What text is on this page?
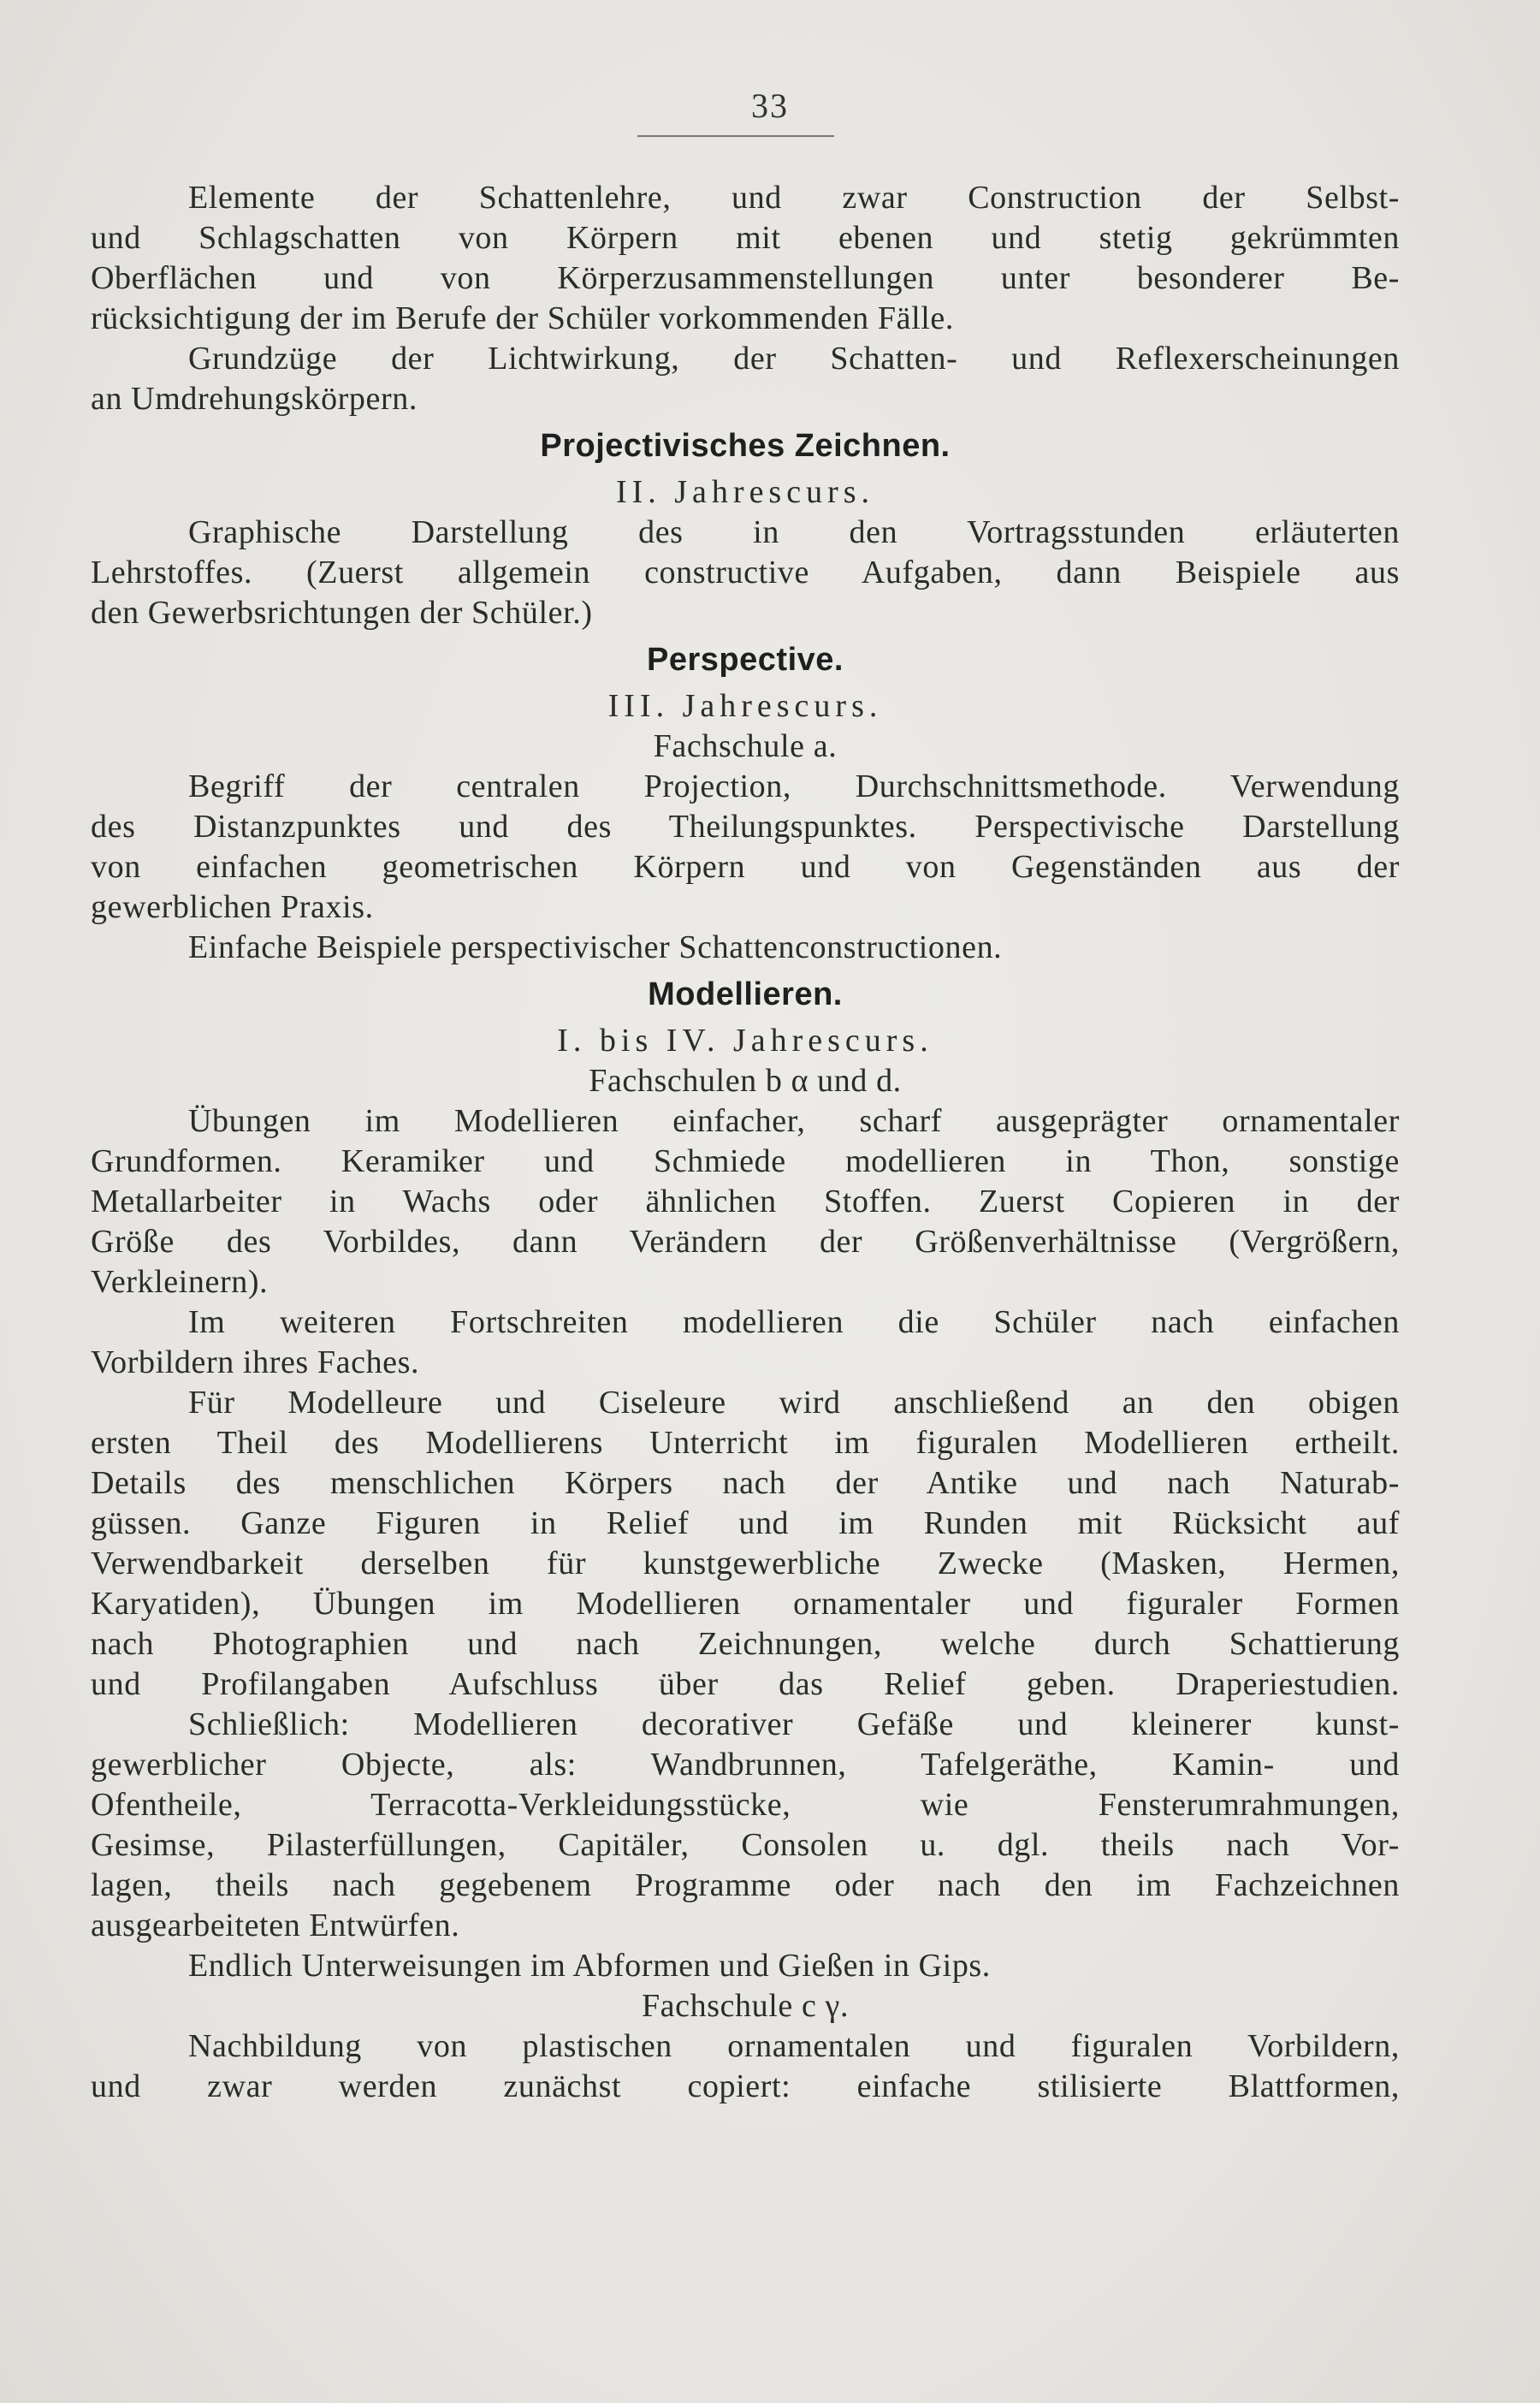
33
Elemente der Schattenlehre, und zwar Construction der Selbst-
und Schlagschatten von Körpern mit ebenen und stetig gekrümmten
Oberflächen und von Körperzusammenstellungen unter besonderer Be-
rücksichtigung der im Berufe der Schüler vorkommenden Fälle.
Grundzüge der Lichtwirkung, der Schatten- und Reflexerscheinungen
an Umdrehungskörpern.
Projectivisches Zeichnen.
II. Jahrescurs.
Graphische Darstellung des in den Vortragsstunden erläuterten
Lehrstoffes. (Zuerst allgemein constructive Aufgaben, dann Beispiele aus
den Gewerbsrichtungen der Schüler.)
Perspective.
III. Jahrescurs.
Fachschule a.
Begriff der centralen Projection, Durchschnittsmethode. Verwendung
des Distanzpunktes und des Theilungspunktes. Perspectivische Darstellung
von einfachen geometrischen Körpern und von Gegenständen aus der
gewerblichen Praxis.
Einfache Beispiele perspectivischer Schattenconstructionen.
Modellieren.
I. bis IV. Jahrescurs.
Fachschulen b α und d.
Übungen im Modellieren einfacher, scharf ausgeprägter ornamentaler
Grundformen. Keramiker und Schmiede modellieren in Thon, sonstige
Metallarbeiter in Wachs oder ähnlichen Stoffen. Zuerst Copieren in der
Größe des Vorbildes, dann Verändern der Größenverhältnisse (Vergrößern,
Verkleinern).
Im weiteren Fortschreiten modellieren die Schüler nach einfachen
Vorbildern ihres Faches.
Für Modelleure und Ciseleure wird anschließend an den obigen
ersten Theil des Modellierens Unterricht im figuralen Modellieren ertheilt.
Details des menschlichen Körpers nach der Antike und nach Naturab-
güssen. Ganze Figuren in Relief und im Runden mit Rücksicht auf
Verwendbarkeit derselben für kunstgewerbliche Zwecke (Masken, Hermen,
Karyatiden), Übungen im Modellieren ornamentaler und figuraler Formen
nach Photographien und nach Zeichnungen, welche durch Schattierung
und Profilangaben Aufschluss über das Relief geben. Draperiestudien.
Schließlich: Modellieren decorativer Gefäße und kleinerer kunst-
gewerblicher Objecte, als: Wandbrunnen, Tafelgeräthe, Kamin- und
Ofentheile, Terracotta-Verkleidungsstücke, wie Fensterumrahmungen,
Gesimse, Pilasterfüllungen, Capitäler, Consolen u. dgl. theils nach Vor-
lagen, theils nach gegebenem Programme oder nach den im Fachzeichnen
ausgearbeiteten Entwürfen.
Endlich Unterweisungen im Abformen und Gießen in Gips.
Fachschule c γ.
Nachbildung von plastischen ornamentalen und figuralen Vorbildern,
und zwar werden zunächst copiert: einfache stilisierte Blattformen,
